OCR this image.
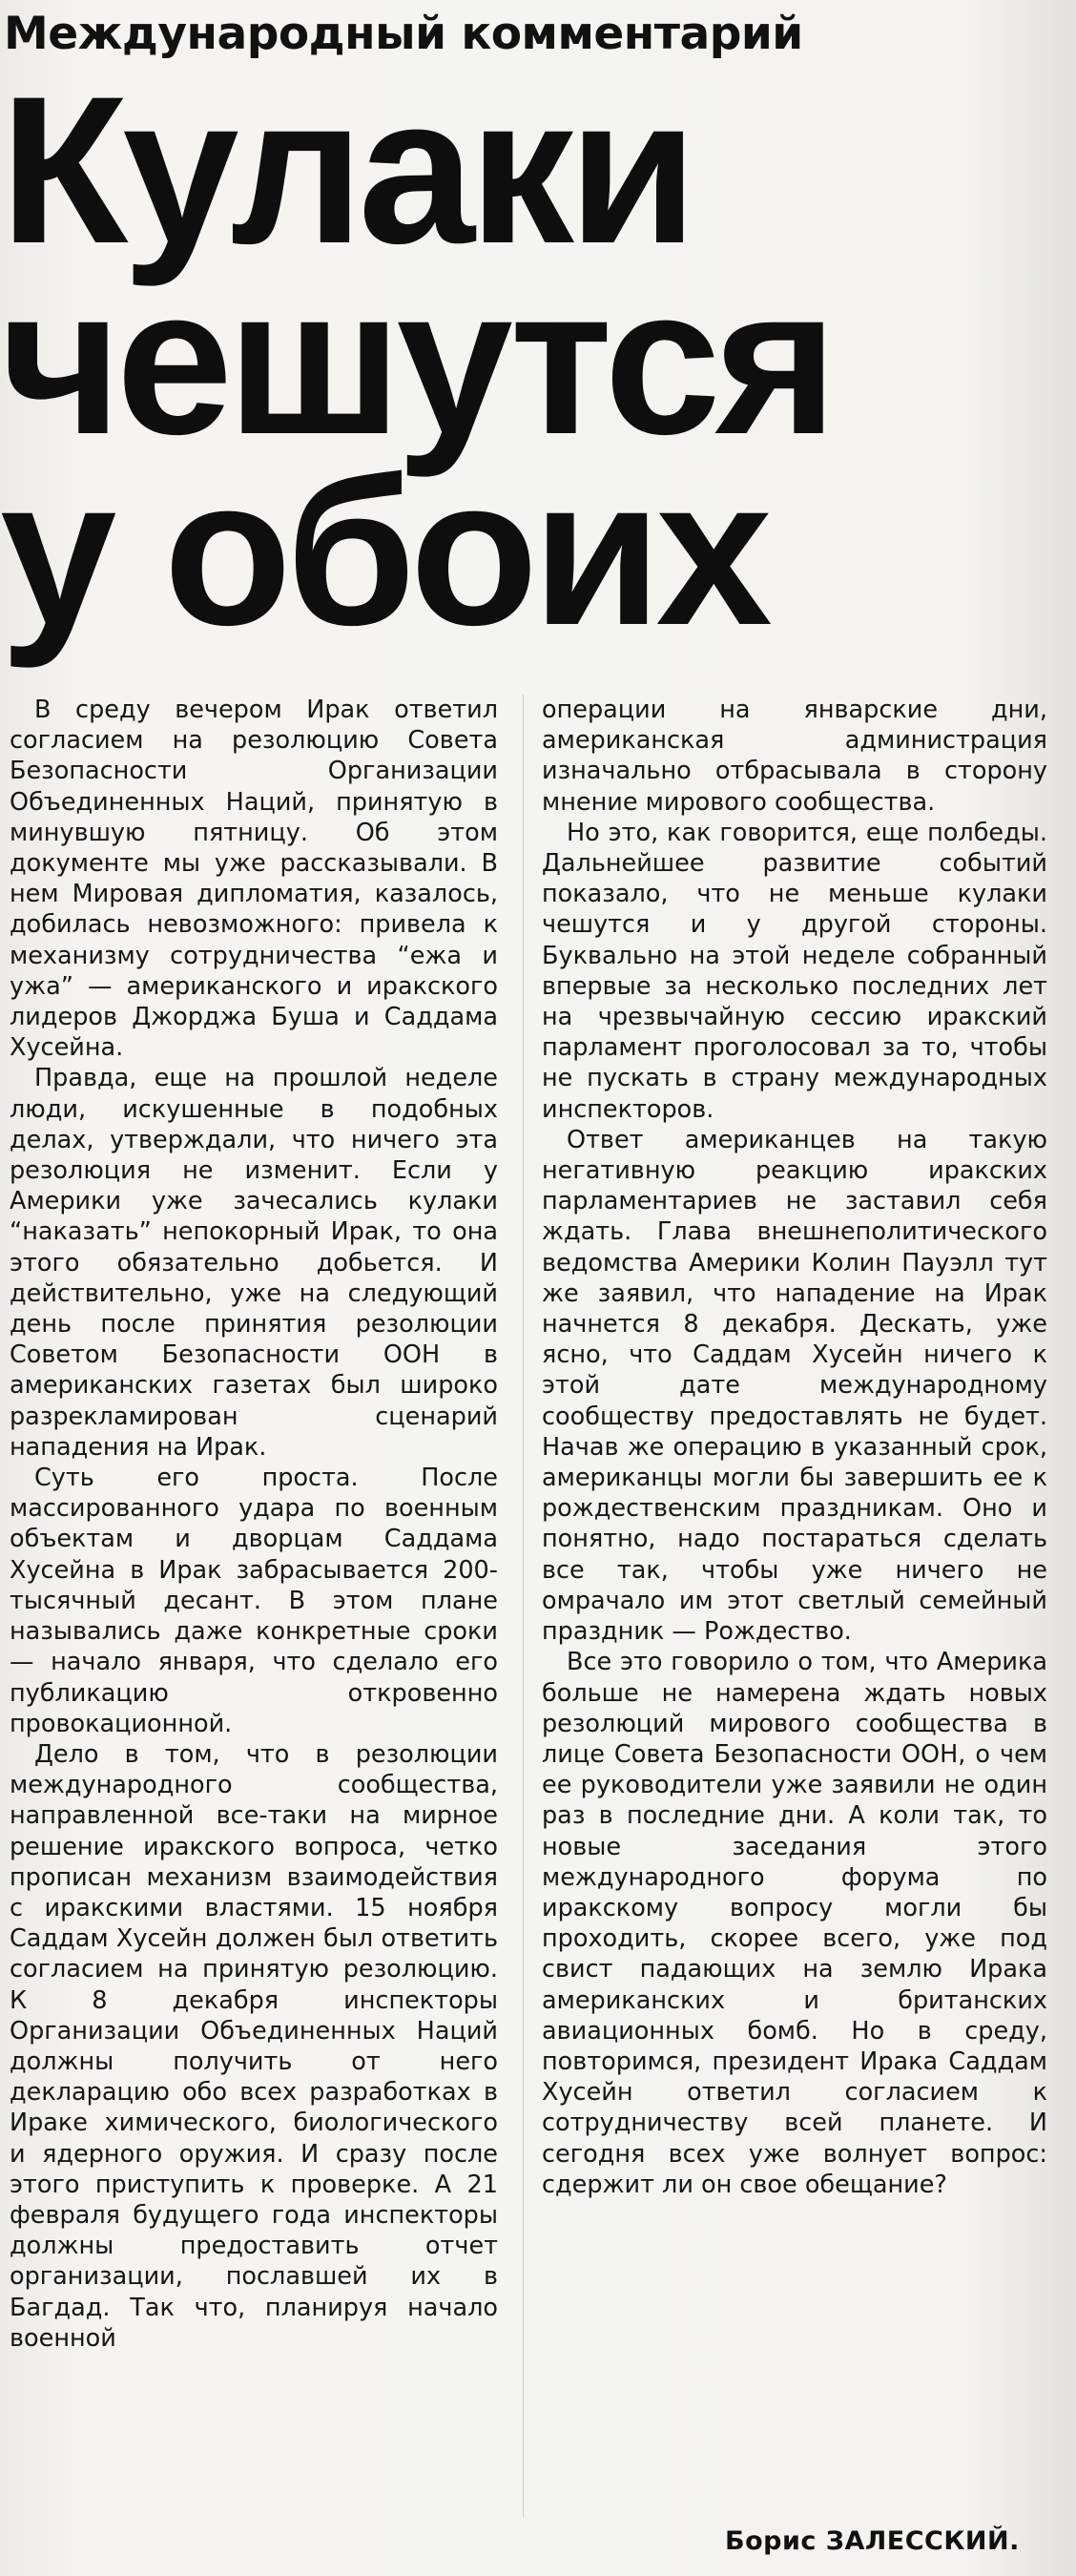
Международный комментарий
Кулаки
чешутся
у обоих

В среду вечером Ирак ответил согласием на резолюцию Совета Безопасности Организации Объединенных Наций, принятую в минувшую пятницу. Об этом документе мы уже рассказывали. В нем Мировая дипломатия, казалось, добилась невозможного: привела к механизму сотрудничества “ежа и ужа” — американского и иракского лидеров Джорджа Буша и Саддама Хусейна.

Правда, еще на прошлой неделе люди, искушенные в подобных делах, утверждали, что ничего эта резолюция не изменит. Если у Америки уже зачесались кулаки “наказать” непокорный Ирак, то она этого обязательно добьется. И действительно, уже на следующий день после принятия резолюции Советом Безопасности ООН в американских газетах был широко разрекламирован сценарий нападения на Ирак.

Суть его проста. После массированного удара по военным объектам и дворцам Саддама Хусейна в Ирак забрасывается 200-тысячный десант. В этом плане назывались даже конкретные сроки — начало января, что сделало его публикацию откровенно провокационной.

Дело в том, что в резолюции международного сообщества, направленной все-таки на мирное решение иракского вопроса, четко прописан механизм взаимодействия с иракскими властями. 15 ноября Саддам Хусейн должен был ответить согласием на принятую резолюцию. К 8 декабря инспекторы Организации Объединенных Наций должны получить от него декларацию обо всех разработках в Ираке химического, биологического и ядерного оружия. И сразу после этого приступить к проверке. А 21 февраля будущего года инспекторы должны предоставить отчет организации, пославшей их в Багдад. Так что, планируя начало военной

операции на январские дни, американская администрация изначально отбрасывала в сторону мнение мирового сообщества.

Но это, как говорится, еще полбеды. Дальнейшее развитие событий показало, что не меньше кулаки чешутся и у другой стороны. Буквально на этой неделе собранный впервые за несколько последних лет на чрезвычайную сессию иракский парламент проголосовал за то, чтобы не пускать в страну международных инспекторов.

Ответ американцев на такую негативную реакцию иракских парламентариев не заставил себя ждать. Глава внешнеполитического ведомства Америки Колин Пауэлл тут же заявил, что нападение на Ирак начнется 8 декабря. Дескать, уже ясно, что Саддам Хусейн ничего к этой дате международному сообществу предоставлять не будет. Начав же операцию в указанный срок, американцы могли бы завершить ее к рождественским праздникам. Оно и понятно, надо постараться сделать все так, чтобы уже ничего не омрачало им этот светлый семейный праздник — Рождество.

Все это говорило о том, что Америка больше не намерена ждать новых резолюций мирового сообщества в лице Совета Безопасности ООН, о чем ее руководители уже заявили не один раз в последние дни. А коли так, то новые заседания этого международного форума по иракскому вопросу могли бы проходить, скорее всего, уже под свист падающих на землю Ирака американских и британских авиационных бомб. Но в среду, повторимся, президент Ирака Саддам Хусейн ответил согласием к сотрудничеству всей планете. И сегодня всех уже волнует вопрос: сдержит ли он свое обещание?

Борис ЗАЛЕССКИЙ.
